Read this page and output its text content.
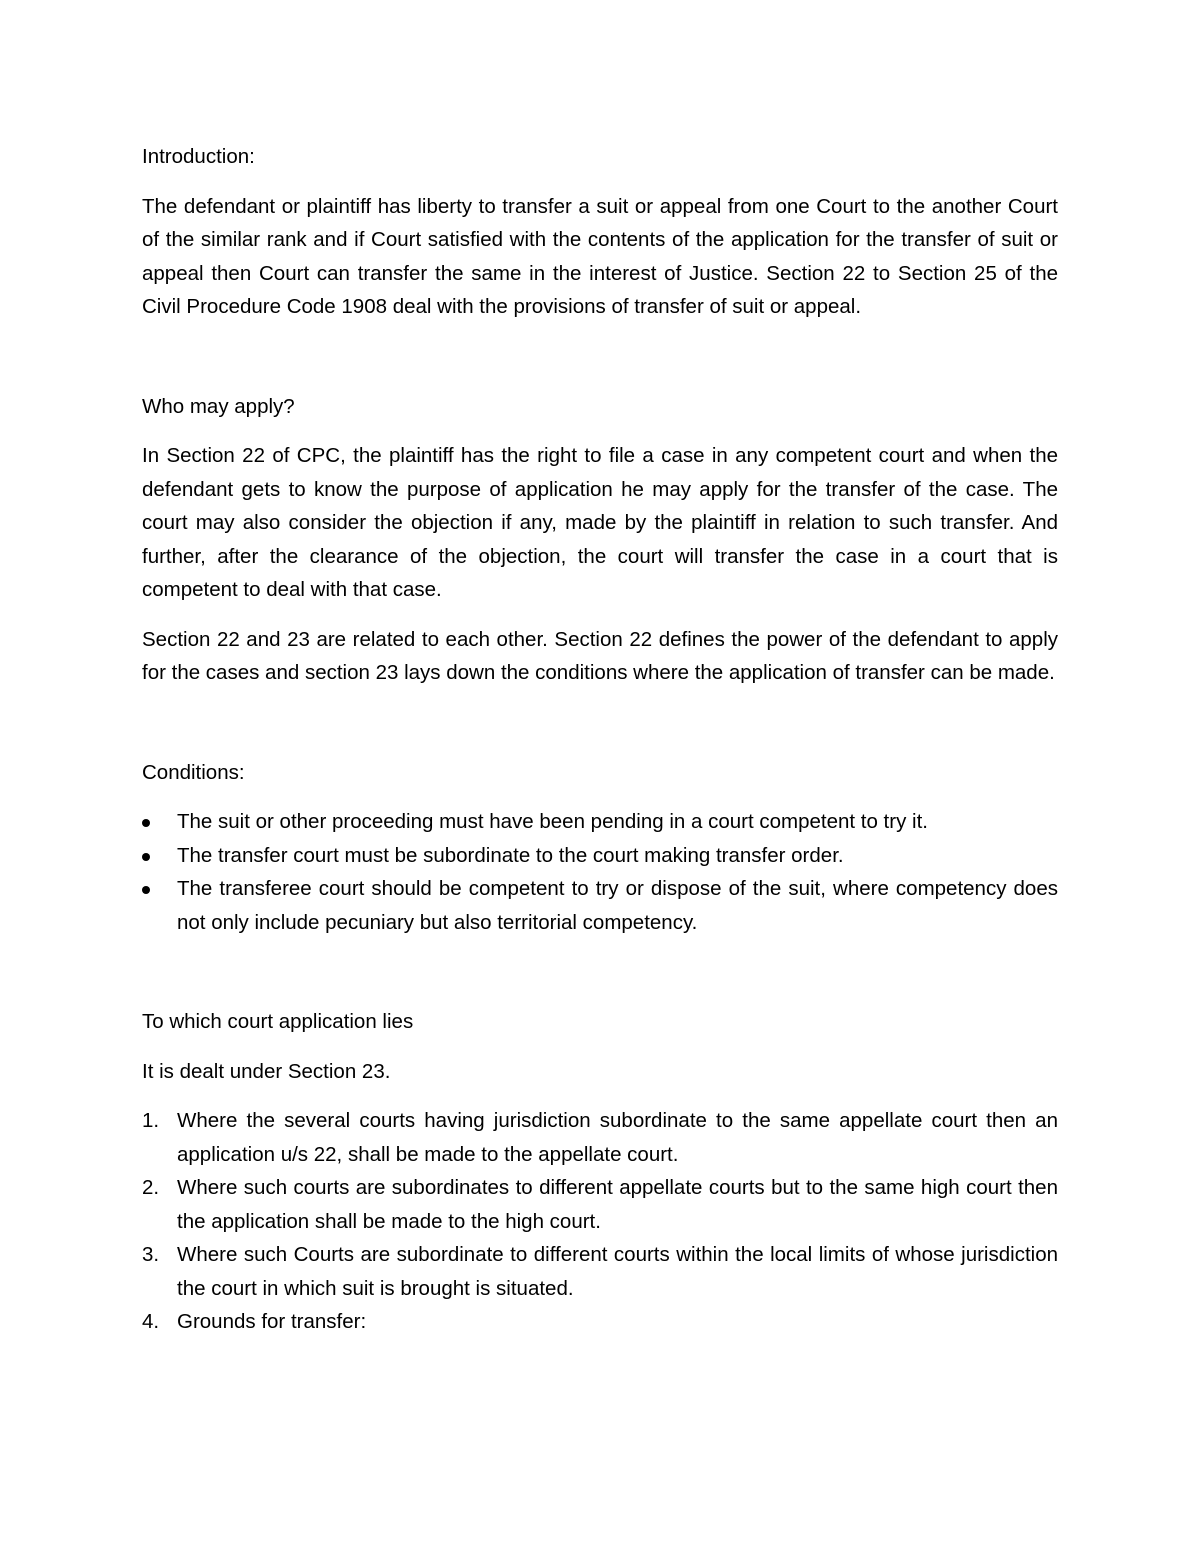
Introduction:

The defendant or plaintiff has liberty to transfer a suit or appeal from one Court to the another Court of the similar rank and if Court satisfied with the contents of the application for the transfer of suit or appeal then Court can transfer the same in the interest of Justice. Section 22 to Section 25 of the Civil Procedure Code 1908 deal with the provisions of transfer of suit or appeal.

Who may apply?

In Section 22 of CPC, the plaintiff has the right to file a case in any competent court and when the defendant gets to know the purpose of application he may apply for the transfer of the case. The court may also consider the objection if any, made by the plaintiff in relation to such transfer. And further, after the clearance of the objection, the court will transfer the case in a court that is competent to deal with that case.

Section 22 and 23 are related to each other. Section 22 defines the power of the defendant to apply for the cases and section 23 lays down the conditions where the application of transfer can be made.

Conditions:

The suit or other proceeding must have been pending in a court competent to try it.
The transfer court must be subordinate to the court making transfer order.
The transferee court should be competent to try or dispose of the suit, where competency does not only include pecuniary but also territorial competency.

To which court application lies

It is dealt under Section 23.

1. Where the several courts having jurisdiction subordinate to the same appellate court then an application u/s 22, shall be made to the appellate court.
2. Where such courts are subordinates to different appellate courts but to the same high court then the application shall be made to the high court.
3. Where such Courts are subordinate to different courts within the local limits of whose jurisdiction the court in which suit is brought is situated.
4. Grounds for transfer:
